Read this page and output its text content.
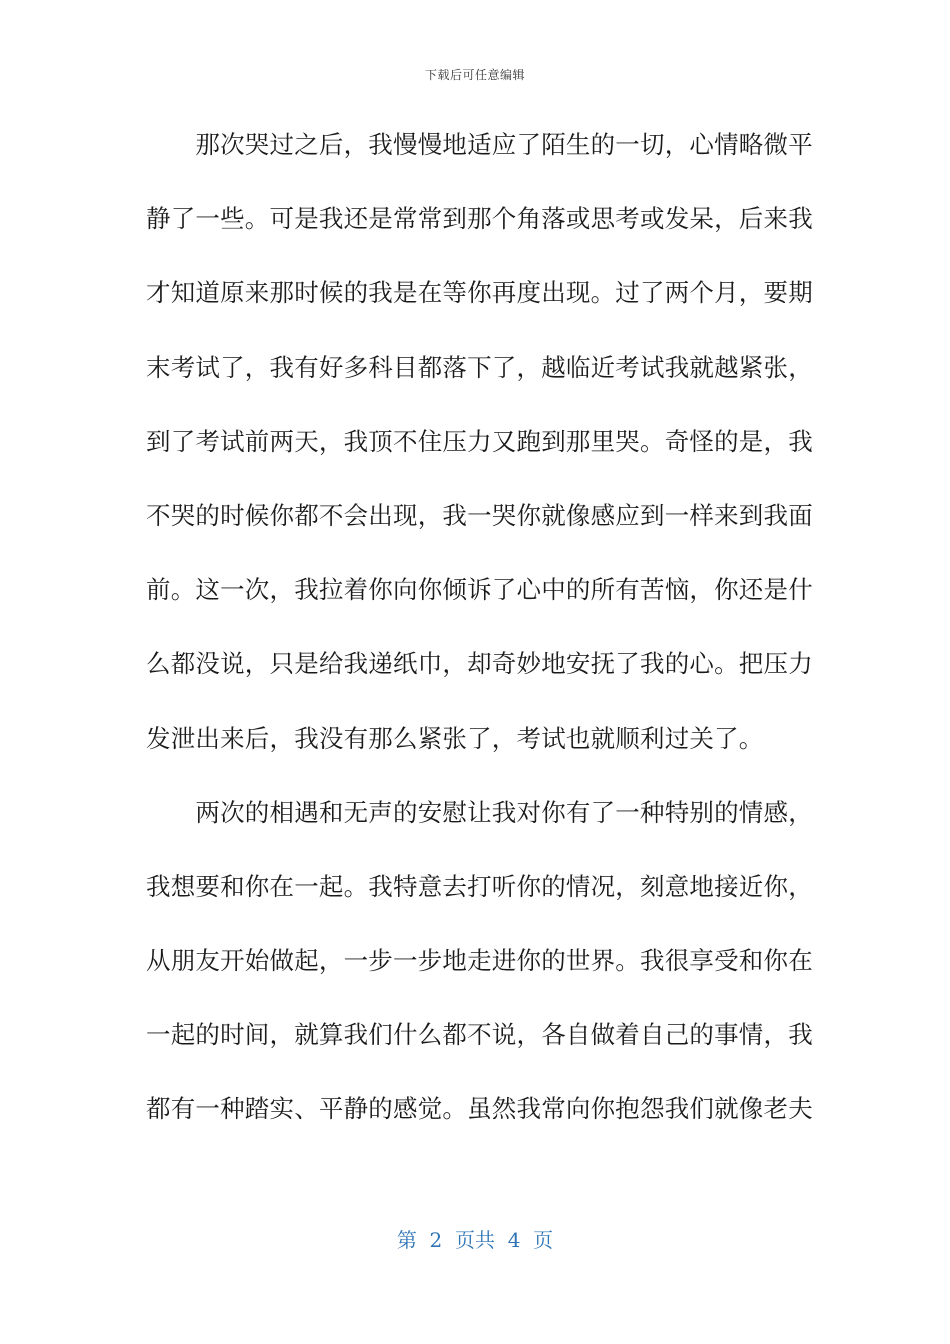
下载后可任意编辑
　　那次哭过之后，我慢慢地适应了陌生的一切，心情略微平
静了一些。可是我还是常常到那个角落或思考或发呆，后来我
才知道原来那时候的我是在等你再度出现。过了两个月，要期
末考试了，我有好多科目都落下了，越临近考试我就越紧张，
到了考试前两天，我顶不住压力又跑到那里哭。奇怪的是，我
不哭的时候你都不会出现，我一哭你就像感应到一样来到我面
前。这一次，我拉着你向你倾诉了心中的所有苦恼，你还是什
么都没说，只是给我递纸巾，却奇妙地安抚了我的心。把压力
发泄出来后，我没有那么紧张了，考试也就顺利过关了。
　　两次的相遇和无声的安慰让我对你有了一种特别的情感，
我想要和你在一起。我特意去打听你的情况，刻意地接近你，
从朋友开始做起，一步一步地走进你的世界。我很享受和你在
一起的时间，就算我们什么都不说，各自做着自己的事情，我
都有一种踏实、平静的感觉。虽然我常向你抱怨我们就像老夫
第  2  页共  4  页
